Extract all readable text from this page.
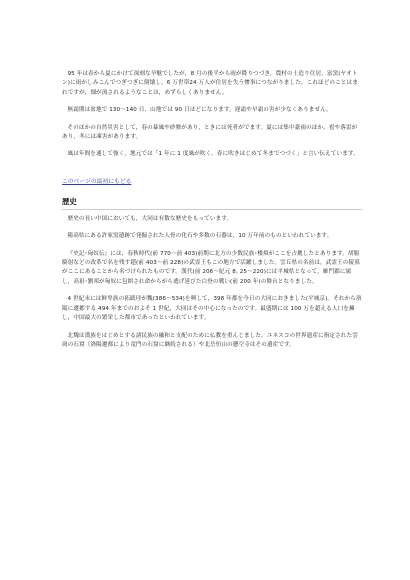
95 年は春から夏にかけて深刻な旱魃でしたが，8 月の後半から雨が降りつづき，農村の土造り住居，富窯(ヤオトン)に雨がしみこんでつぎつぎに倒壊し，6 万世帯24 万人が住居を失う惨事につながりました。これほどのことはまれですが，畑が流されるようなことは，めずらしくありません。

無霜期は盆地で 130～140 日，山地では 90 日ほどになります。遅霜や早霜の害が少なくありません。

そのほかの自然災害として，春の暴風や砂塵があり，ときには死者がでます。夏には集中豪雨のほか，雹や落雷があり，冬には凍害があります。

風は年間を通して強く，地元では「1 年に 1 度風が吹く。春に吹きはじめて冬までつづく」と言い伝えています。

このページの最初にもどる
歴史

歴史の長い中国においても，大同は有数な歴史をもっています。

陽高県にある許家窯遺跡で発掘された人骨の化石や多数の石器は，10 万年前のものといわれています。

『史記･匈奴伝』には，春秋時代(前 770～前 403)前期に北方の少数民族･楼煩がここを占拠したとあります。胡服騎射などの改革で名を残す趙(前 403～前 228)の武霊王もこの地方で活躍しました。雲丘県の名前は，武霊王の陵墓がここにあることから名づけられたものです。漢代(前 206～紀元 8, 25～220)には平城県となって，雁門郡に属し，高祖･劉邦が匈奴に包囲され命からがら逃げ延びた白登の戦い(前 200 年)の舞台となりました。

4 世紀末には鮮卑族の拓跋珪が魏(386～534)を興して，398 年都を今日の大同におきました(平城京)。それから洛陽に遷都する 494 年までのおよそ 1 世紀，大同はその中心になったのです。最盛期には 100 万を超える人口を擁し，中国最大の繁栄した都市であったといわれています。

北魏は漢族をはじめとする諸民族の融和と支配のために仏教を重んじました。ユネスコの世界遺産に指定された雲崗の石窟（洛陽遷都により竜門の石窟に継続される）や北岳恒山の懸空寺はその遺産です。
